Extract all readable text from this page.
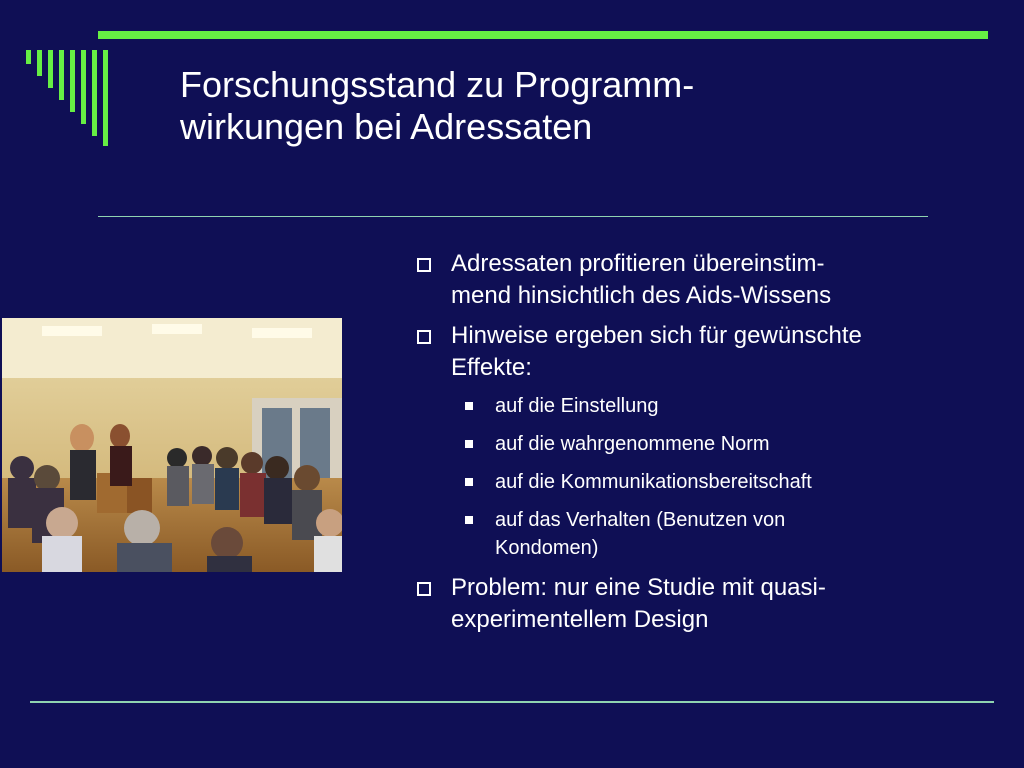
Forschungsstand zu Programm-
wirkungen bei Adressaten
Adressaten profitieren übereinstim-
mend hinsichtlich des Aids-Wissens
Hinweise ergeben sich für gewünschte
Effekte:
auf die Einstellung
auf die wahrgenommene Norm
auf die Kommunikationsbereitschaft
auf das Verhalten (Benutzen von
Kondomen)
Problem: nur eine Studie mit quasi-
experimentellem Design
